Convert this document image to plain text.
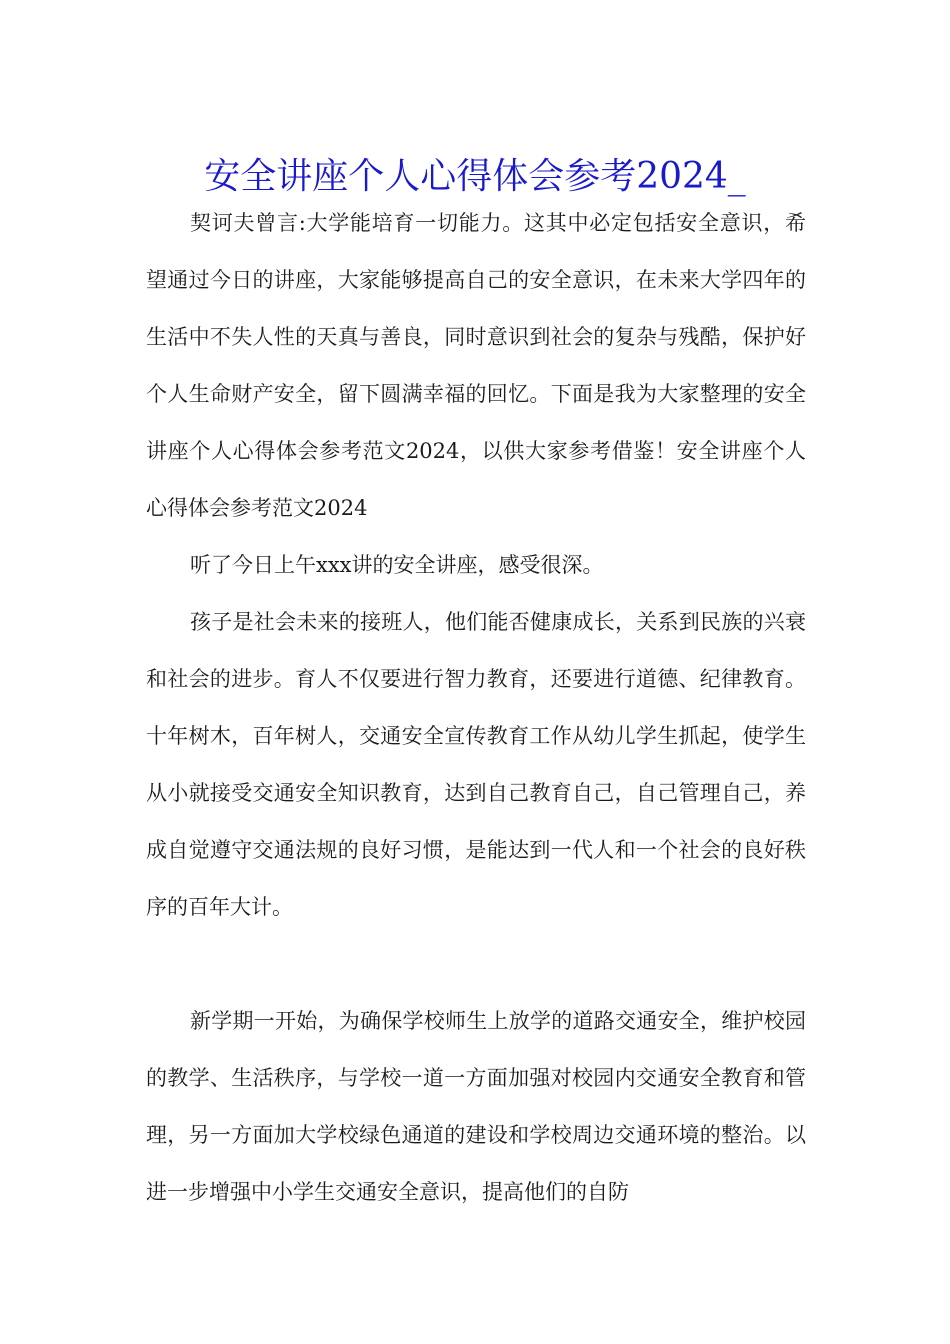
安全讲座个人心得体会参考2024_

契诃夫曾言:大学能培育一切能力。这其中必定包括安全意识，希望通过今日的讲座，大家能够提高自己的安全意识，在未来大学四年的生活中不失人性的天真与善良，同时意识到社会的复杂与残酷，保护好个人生命财产安全，留下圆满幸福的回忆。下面是我为大家整理的安全讲座个人心得体会参考范文2024，以供大家参考借鉴！安全讲座个人心得体会参考范文2024

听了今日上午xxx讲的安全讲座，感受很深。

孩子是社会未来的接班人，他们能否健康成长，关系到民族的兴衰和社会的进步。育人不仅要进行智力教育，还要进行道德、纪律教育。十年树木，百年树人，交通安全宣传教育工作从幼儿学生抓起，使学生从小就接受交通安全知识教育，达到自己教育自己，自己管理自己，养成自觉遵守交通法规的良好习惯，是能达到一代人和一个社会的良好秩序的百年大计。

新学期一开始，为确保学校师生上放学的道路交通安全，维护校园的教学、生活秩序，与学校一道一方面加强对校园内交通安全教育和管理，另一方面加大学校绿色通道的建设和学校周边交通环境的整治。以进一步增强中小学生交通安全意识，提高他们的自防
